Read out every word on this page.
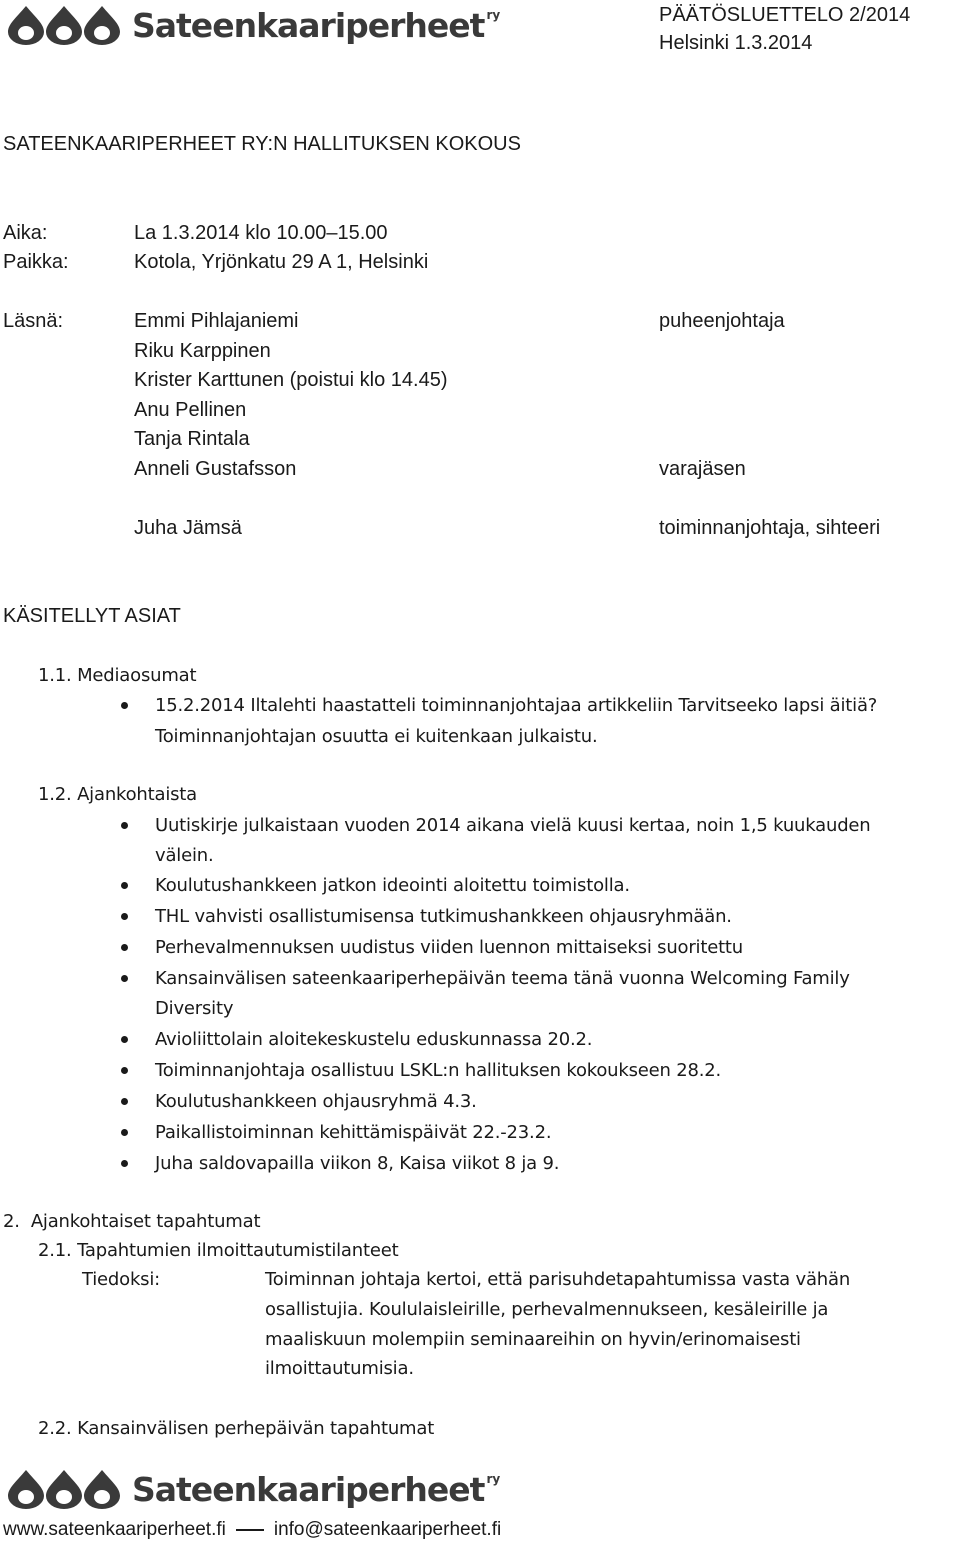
Sateenkaariperheet ry	PÄÄTÖSLUETTELO 2/2014
Helsinki 1.3.2014
SATEENKAARIPERHEET RY:N HALLITUKSEN KOKOUS
Aika:	La 1.3.2014 klo 10.00–15.00
Paikka:	Kotola, Yrjönkatu 29 A 1, Helsinki
Läsnä:	Emmi Pihlajaniemi	puheenjohtaja
Riku Karppinen
Krister Karttunen (poistui klo 14.45)
Anu Pellinen
Tanja Rintala
Anneli Gustafsson	varajäsen
Juha Jämsä	toiminnanjohtaja, sihteeri
KÄSITELLYT ASIAT
1.1. Mediaosumat
15.2.2014 Iltalehti haastatteli toiminnanjohtajaa artikkeliin Tarvitseeko lapsi äitiä?
Toiminnanjohtajan osuutta ei kuitenkaan julkaistu.
1.2. Ajankohtaista
Uutiskirje julkaistaan vuoden 2014 aikana vielä kuusi kertaa, noin 1,5 kuukauden
välein.
Koulutushankkeen jatkon ideointi aloitettu toimistolla.
THL vahvisti osallistumisensa tutkimushankkeen ohjausryhmään.
Perhevalmennuksen uudistus viiden luennon mittaiseksi suoritettu
Kansainvälisen sateenkaariperhepäivän teema tänä vuonna Welcoming Family
Diversity
Avioliittolain aloitekeskustelu eduskunnassa 20.2.
Toiminnanjohtaja osallistuu LSKL:n hallituksen kokoukseen 28.2.
Koulutushankkeen ohjausryhmä 4.3.
Paikallistoiminnan kehittämispäivät 22.-23.2.
Juha saldovapailla viikon 8, Kaisa viikot 8 ja 9.
2.  Ajankohtaiset tapahtumat
2.1. Tapahtumien ilmoittautumistilanteet
Tiedoksi:	Toiminnan johtaja kertoi, että parisuhdetapahtumissa vasta vähän
osallistujia. Koululaisleirille, perhevalmennukseen, kesäleirille ja
maaliskuun molempiin seminaareihin on hyvin/erinomaisesti
ilmoittautumisia.
2.2. Kansainvälisen perhepäivän tapahtumat
Sateenkaariperheet ry
www.sateenkaariperheet.fi	info@sateenkaariperheet.fi
